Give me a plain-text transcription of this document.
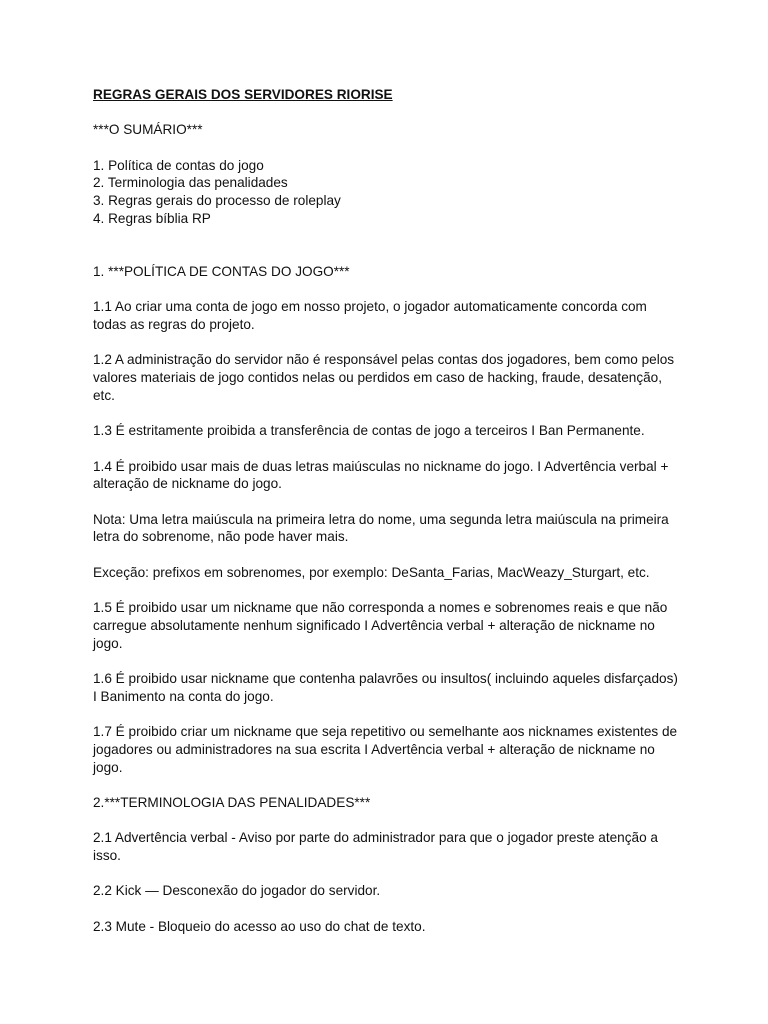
REGRAS GERAIS DOS SERVIDORES RIORISE
***O SUMÁRIO***
1. Política de contas do jogo
2. Terminologia das penalidades
3. Regras gerais do processo de roleplay
4. Regras bíblia RP
1. ***POLÍTICA DE CONTAS DO JOGO***
1.1 Ao criar uma conta de jogo em nosso projeto, o jogador automaticamente concorda com todas as regras do projeto.
1.2 A administração do servidor não é responsável pelas contas dos jogadores, bem como pelos valores materiais de jogo contidos nelas ou perdidos em caso de hacking, fraude, desatenção, etc.
1.3 É estritamente proibida a transferência de contas de jogo a terceiros I Ban Permanente.
1.4 É proibido usar mais de duas letras maiúsculas no nickname do jogo. I Advertência verbal + alteração de nickname do jogo.
Nota: Uma letra maiúscula na primeira letra do nome, uma segunda letra maiúscula na primeira letra do sobrenome, não pode haver mais.
Exceção: prefixos em sobrenomes, por exemplo: DeSanta_Farias, MacWeazy_Sturgart, etc.
1.5 É proibido usar um nickname que não corresponda a nomes e sobrenomes reais e que não carregue absolutamente nenhum significado I Advertência verbal + alteração de nickname no jogo.
1.6 É proibido usar nickname que contenha palavrões ou insultos( incluindo aqueles disfarçados) I Banimento na conta do jogo.
1.7 É proibido criar um nickname que seja repetitivo ou semelhante aos nicknames existentes de jogadores ou administradores na sua escrita I Advertência verbal + alteração de nickname no jogo.
2.***TERMINOLOGIA DAS PENALIDADES***
2.1 Advertência verbal - Aviso por parte do administrador para que o jogador preste atenção a isso.
2.2 Kick — Desconexão do jogador do servidor.
2.3 Mute - Bloqueio do acesso ao uso do chat de texto.
